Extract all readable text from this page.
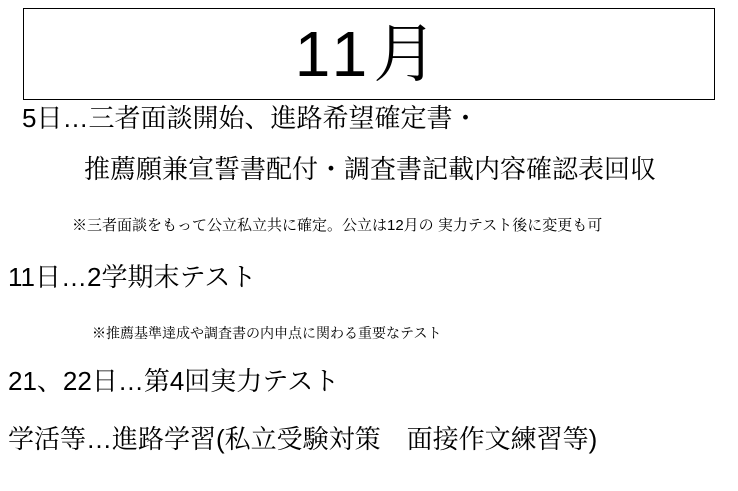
11月
5日…三者面談開始、進路希望確定書・
推薦願兼宣誓書配付・調査書記載内容確認表回収
※三者面談をもって公立私立共に確定。公立は12月の 実力テスト後に変更も可
11日…2学期末テスト
※推薦基準達成や調査書の内申点に関わる重要なテスト
21、22日…第4回実力テスト
学活等…進路学習(私立受験対策　面接作文練習等)
